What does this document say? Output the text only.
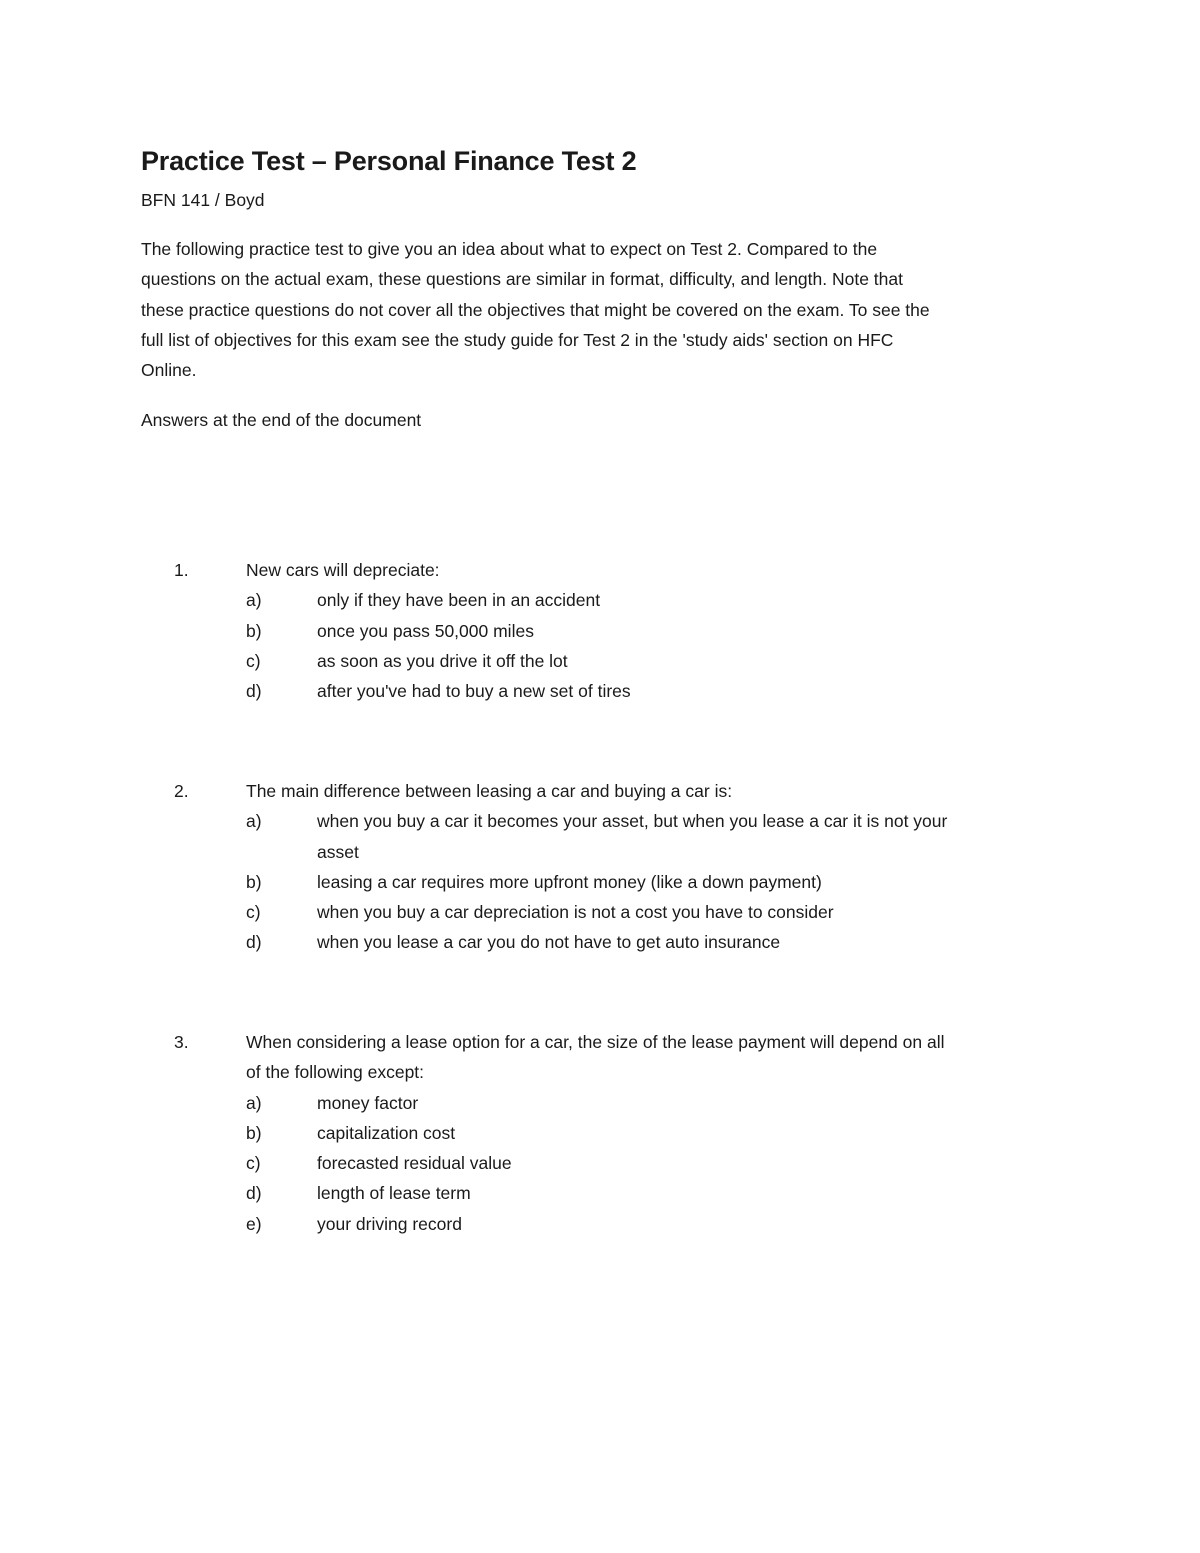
Practice Test – Personal Finance Test 2
BFN 141 / Boyd
The following practice test to give you an idea about what to expect on Test 2. Compared to the
questions on the actual exam, these questions are similar in format, difficulty, and length. Note that
these practice questions do not cover all the objectives that might be covered on the exam. To see the
full list of objectives for this exam see the study guide for Test 2 in the 'study aids' section on HFC
Online.
Answers at the end of the document
1.	New cars will depreciate:
a)	only if they have been in an accident
b)	once you pass 50,000 miles
c)	as soon as you drive it off the lot
d)	after you've had to buy a new set of tires
2.	The main difference between leasing a car and buying a car is:
a)	when you buy a car it becomes your asset, but when you lease a car it is not your
asset
b)	leasing a car requires more upfront money (like a down payment)
c)	when you buy a car depreciation is not a cost you have to consider
d)	when you lease a car you do not have to get auto insurance
3.	When considering a lease option for a car, the size of the lease payment will depend on all
of the following except:
a)	money factor
b)	capitalization cost
c)	forecasted residual value
d)	length of lease term
e)	your driving record
